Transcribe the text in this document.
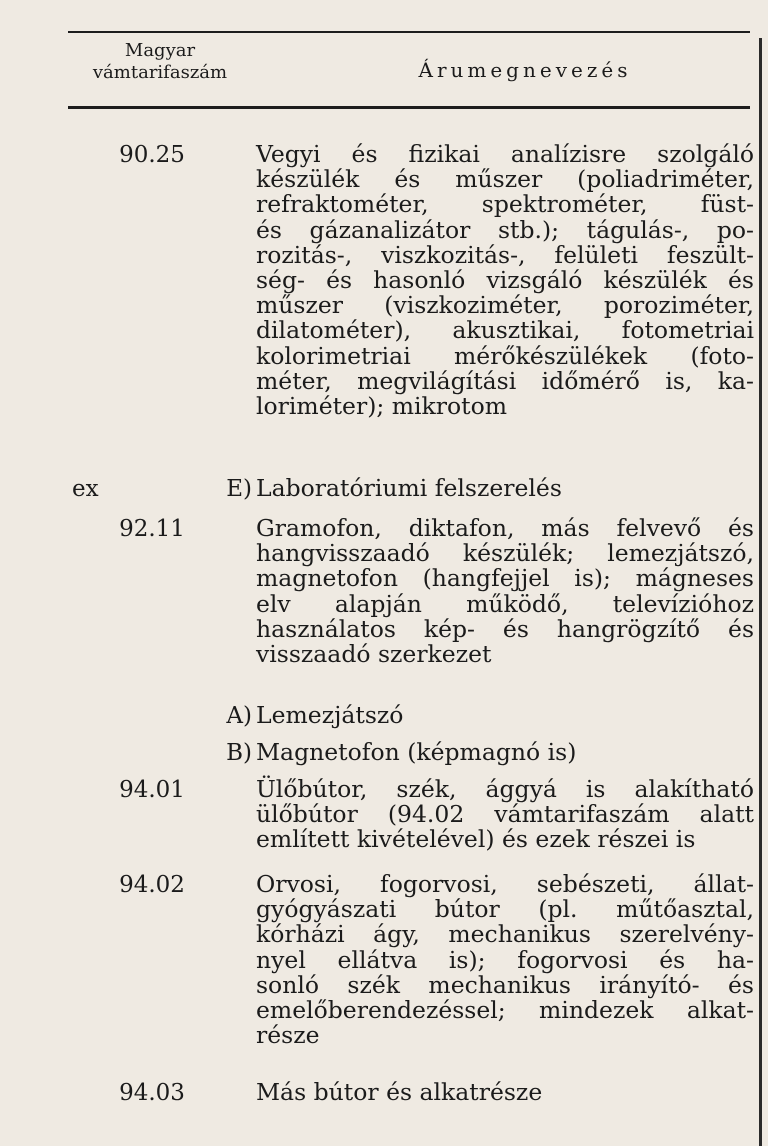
Magyar
vámtarifaszám	Árumegnevezés
90.25	Vegyi és fizikai analízisre szolgáló
készülék és műszer (poliadriméter,
refraktométer, spektrométer, füst-
és gázanalizátor stb.); tágulás-, po-
rozitás-, viszkozitás-, felületi feszült-
ség- és hasonló vizsgáló készülék és
műszer (viszkoziméter, poroziméter,
dilatométer), akusztikai, fotometriai
kolorimetriai mérőkészülékek (foto-
méter, megvilágítási időmérő is, ka-
loriméter); mikrotom
ex	E) Laboratóriumi felszerelés
92.11	Gramofon, diktafon, más felvevő és
hangvisszaadó készülék; lemezjátszó,
magnetofon (hangfejjel is); mágneses
elv alapján működő, televízióhoz
használatos kép- és hangrögzítő és
visszaadó szerkezet
A) Lemezjátszó
B) Magnetofon (képmagnó is)
94.01	Ülőbútor, szék, ággyá is alakítható
ülőbútor (94.02 vámtarifaszám alatt
említett kivételével) és ezek részei is
94.02	Orvosi, fogorvosi, sebészeti, állat-
gyógyászati bútor (pl. műtőasztal,
kórházi ágy, mechanikus szerelvény-
nyel ellátva is); fogorvosi és ha-
sonló szék mechanikus irányító- és
emelőberendezéssel; mindezek alkat-
része
94.03	Más bútor és alkatrésze
